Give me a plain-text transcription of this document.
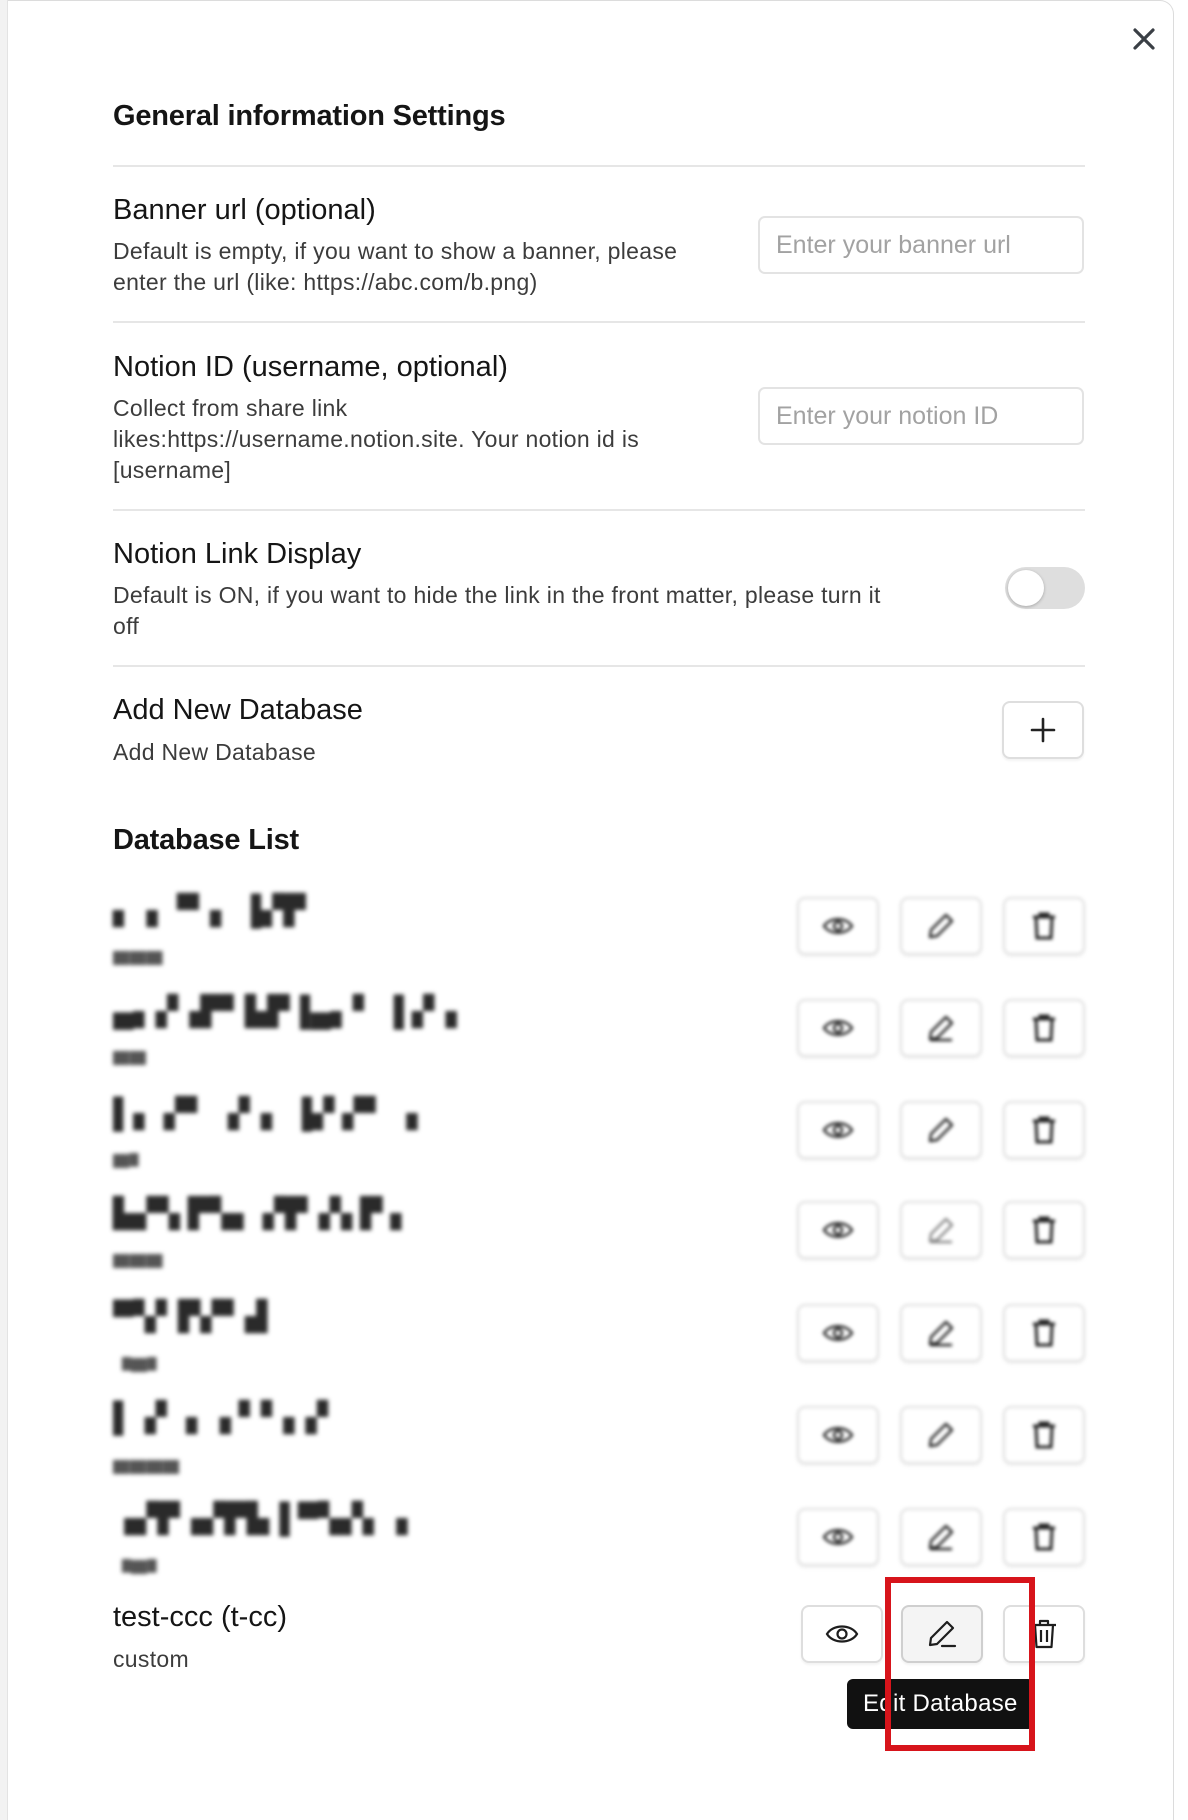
General information Settings
Banner url (optional)
Default is empty, if you want to show a banner, please
enter the url (like: https://abc.com/b.png)
Enter your banner url
Notion ID (username, optional)
Collect from share link
likes:https://username.notion.site. Your notion id is
[username]
Enter your notion ID
Notion Link Display
Default is ON, if you want to hide the link in the front matter, please turn it
off
Add New Database
Add New Database
Database List
▖▗ ▝▘▖ ▐▞▛
▄▄▄
▄▖▞▗▛▘▙▛▐▄▖▘ ▐ ▞▗
▄▄
▌▖ ▞▘ ▗▘▖ ▐▞ ▞▘ ▗
▄▖
▙▞▚ ▛▚▖ ▞▛▗▚ ▛ ▖
▄▄▄
▀▚▘▛▞▘▟
▗▄▖
▌▗▘ ▖▗ ▘▘▖▞
▄▄▄▄
▗▞▛▗▞▛▙▐ ▀▚▞▖▗
▗▄▖
test-ccc (t-cc)
custom
Edit Database
